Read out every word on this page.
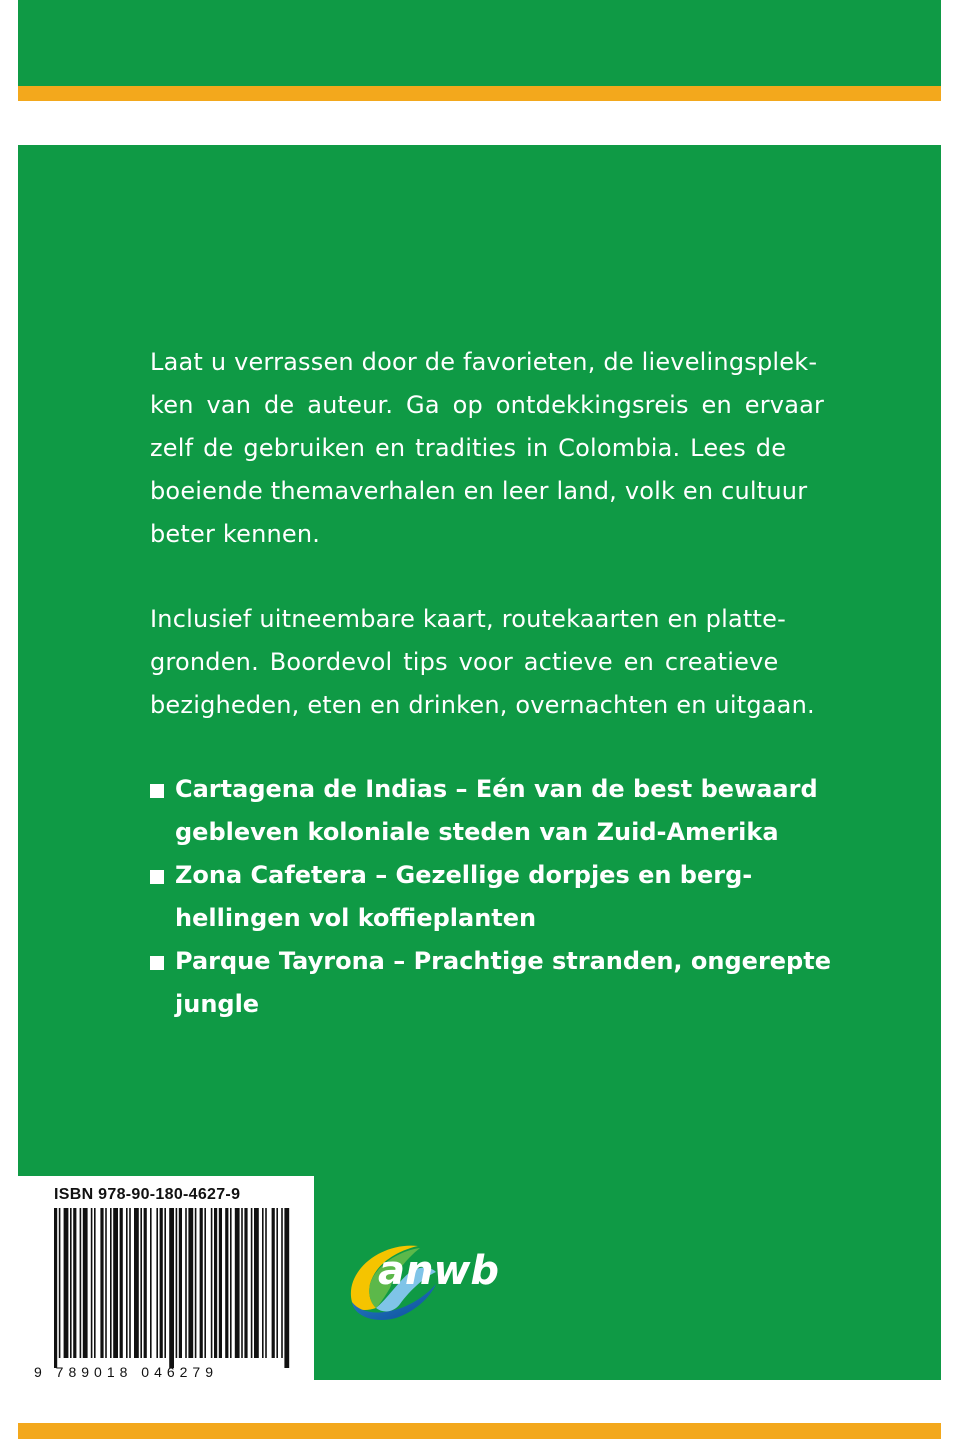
Laat u verrassen door de favorieten, de lievelingsplek-
ken van de auteur. Ga op ontdekkingsreis en ervaar
zelf de gebruiken en tradities in Colombia. Lees de
boeiende themaverhalen en leer land, volk en cultuur
beter kennen.

Inclusief uitneembare kaart, routekaarten en platte-
gronden. Boordevol tips voor actieve en creatieve
bezigheden, eten en drinken, overnachten en uitgaan.

Cartagena de Indias – Eén van de best bewaard
gebleven koloniale steden van Zuid-Amerika
Zona Cafetera – Gezellige dorpjes en berg-
hellingen vol koffieplanten
Parque Tayrona – Prachtige stranden, ongerepte
jungle
ISBN 978-90-180-4627-9
9 789018 046279
anwb
